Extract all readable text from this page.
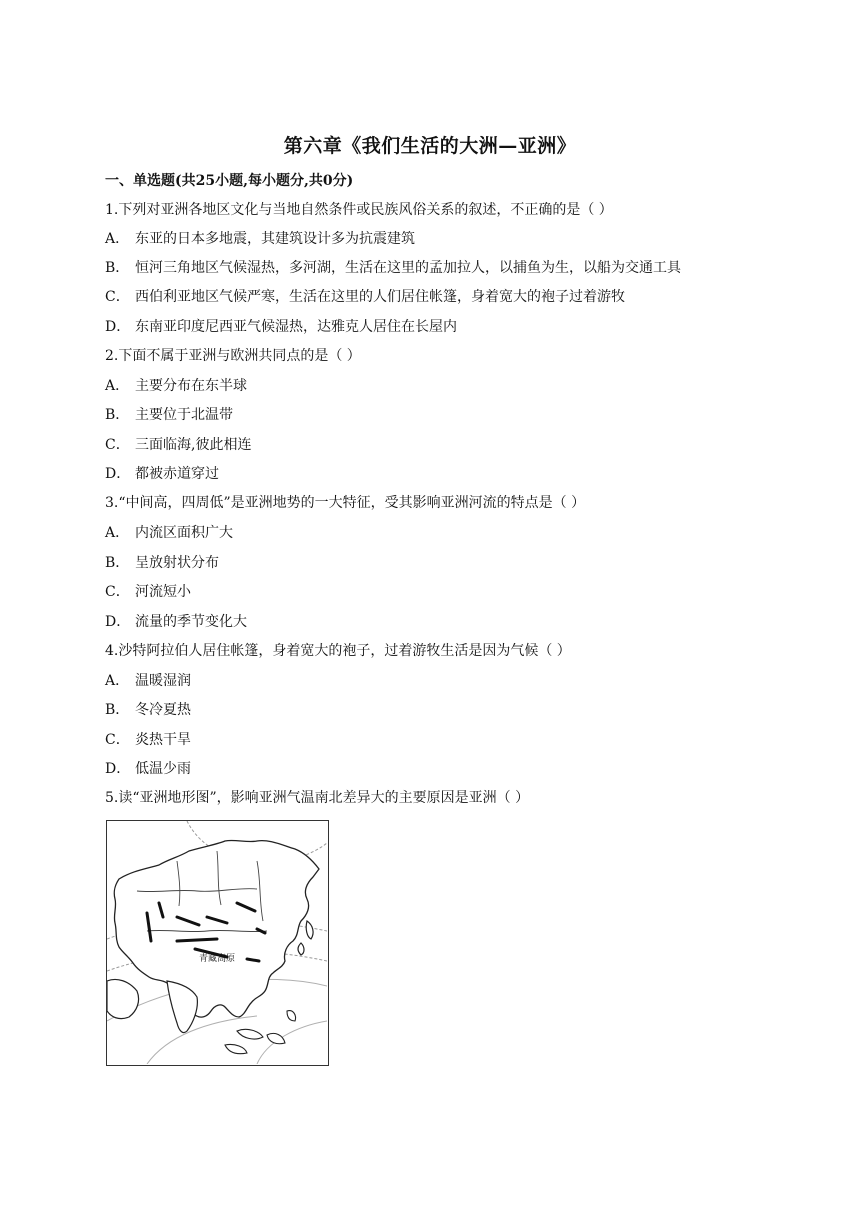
第六章《我们生活的大洲—亚洲》
一、单选题(共25小题,每小题分,共0分)
1.下列对亚洲各地区文化与当地自然条件或民族风俗关系的叙述，不正确的是（ ）
A． 东亚的日本多地震，其建筑设计多为抗震建筑
B． 恒河三角地区气候湿热，多河湖，生活在这里的孟加拉人，以捕鱼为生，以船为交通工具
C． 西伯利亚地区气候严寒，生活在这里的人们居住帐篷，身着宽大的袍子过着游牧
D． 东南亚印度尼西亚气候湿热，达雅克人居住在长屋内
2.下面不属于亚洲与欧洲共同点的是（ ）
A． 主要分布在东半球
B． 主要位于北温带
C． 三面临海,彼此相连
D． 都被赤道穿过
3.“中间高，四周低”是亚洲地势的一大特征，受其影响亚洲河流的特点是（ ）
A． 内流区面积广大
B． 呈放射状分布
C． 河流短小
D． 流量的季节变化大
4.沙特阿拉伯人居住帐篷，身着宽大的袍子，过着游牧生活是因为气候（ ）
A． 温暖湿润
B． 冬冷夏热
C． 炎热干旱
D． 低温少雨
5.读“亚洲地形图”，影响亚洲气温南北差异大的主要原因是亚洲（ ）
青藏高原
